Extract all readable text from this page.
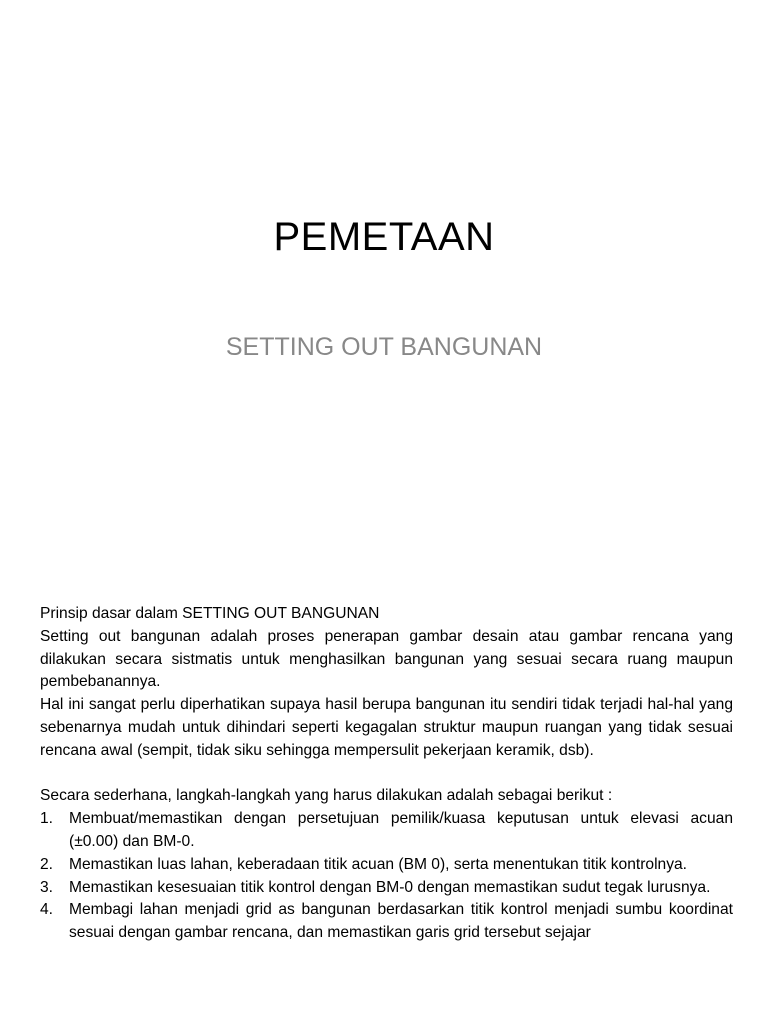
PEMETAAN
SETTING OUT BANGUNAN

Prinsip dasar dalam SETTING OUT BANGUNAN

Setting out bangunan adalah proses penerapan gambar desain atau gambar rencana yang dilakukan secara sistmatis untuk menghasilkan bangunan yang sesuai secara ruang maupun pembebanannya.

Hal ini sangat perlu diperhatikan supaya hasil berupa bangunan itu sendiri tidak terjadi hal-hal yang sebenarnya mudah untuk dihindari seperti kegagalan struktur maupun ruangan yang tidak sesuai rencana awal (sempit, tidak siku sehingga mempersulit pekerjaan keramik, dsb).

Secara sederhana, langkah-langkah yang harus dilakukan adalah sebagai berikut :

1. Membuat/memastikan dengan persetujuan pemilik/kuasa keputusan untuk elevasi acuan (±0.00) dan BM-0.
2. Memastikan luas lahan, keberadaan titik acuan (BM 0), serta menentukan titik kontrolnya.
3. Memastikan kesesuaian titik kontrol dengan BM-0 dengan memastikan sudut tegak lurusnya.
4. Membagi lahan menjadi grid as bangunan berdasarkan titik kontrol menjadi sumbu koordinat sesuai dengan gambar rencana, dan memastikan garis grid tersebut sejajar
